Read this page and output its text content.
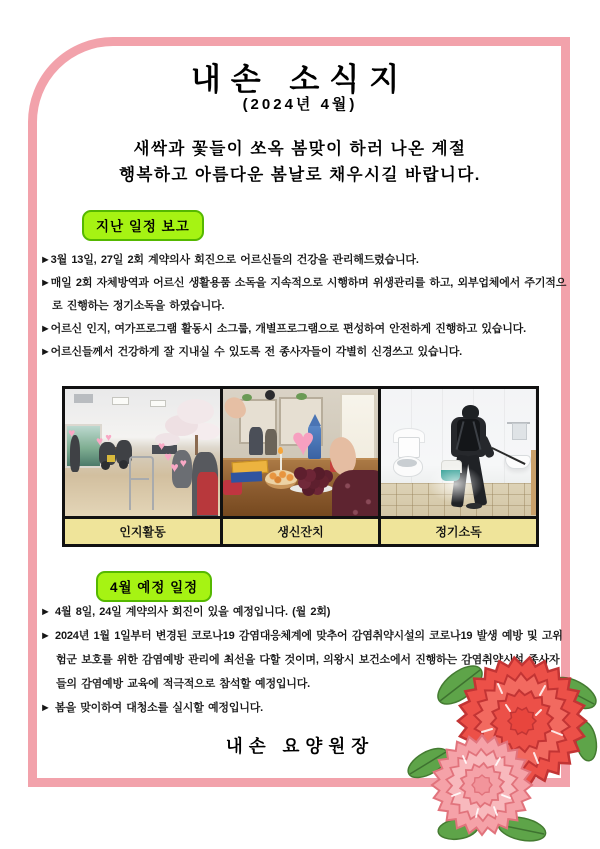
내손 소식지
(2024년 4월)
새싹과 꽃들이 쏘옥 봄맞이 하러 나온 계절
행복하고 아름다운 봄날로 채우시길 바랍니다.
지난 일정 보고
►3월 13일, 27일 2회 계약의사 회진으로 어르신들의 건강을 관리해드렸습니다.
►매일 2회 자체방역과 어르신 생활용품 소독을 지속적으로 시행하며 위생관리를 하고, 외부업체에서 주기적으로 진행하는 정기소독을 하였습니다.
►어르신 인지, 여가프로그램 활동시 소그룹, 개별프로그램으로 편성하여 안전하게 진행하고 있습니다.
►어르신들께서 건강하게 잘 지내실 수 있도록 전 종사자들이 각별히 신경쓰고 있습니다.
♥
♥ ♥
♥
♥
♥ ♥
인지활동
♥
생신잔치	정기소독
4월 예정 일정
► 4월 8일, 24일 계약의사 회진이 있을 예정입니다. (월 2회)
► 2024년 1월 1일부터 변경된 코로나19 감염대응체계에 맞추어 감염취약시설의 코로나19 발생 예방 및 고위험군 보호를 위한 감염예방 관리에 최선을 다할 것이며, 의왕시 보건소에서 진행하는 감염취약시설 종사자들의 감염예방 교육에 적극적으로 참석할 예정입니다.
► 봄을 맞이하여 대청소를 실시할 예정입니다.
내손 요양원장
